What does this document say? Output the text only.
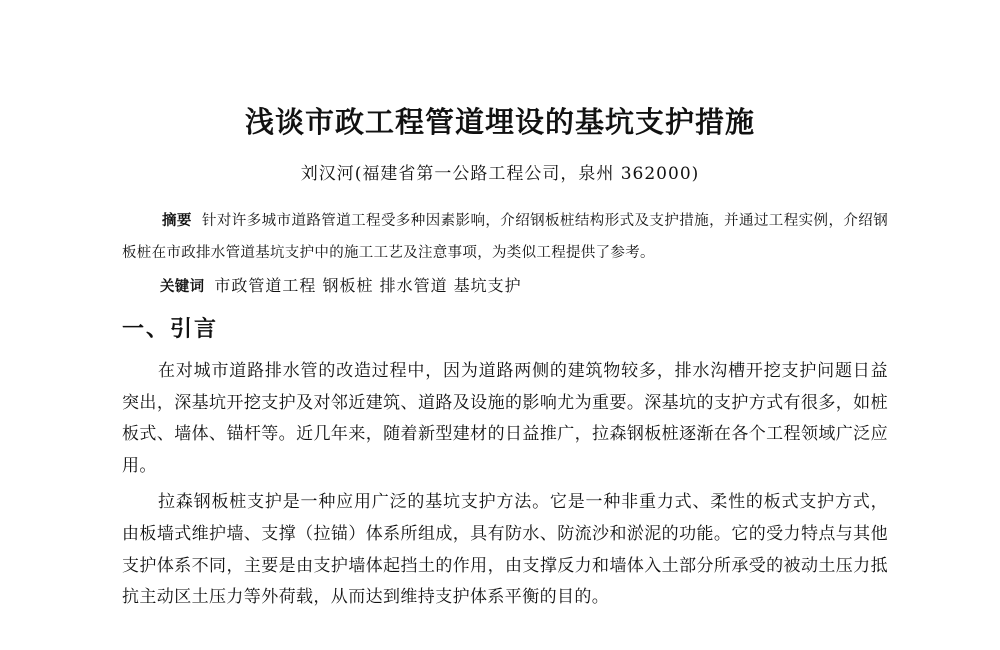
浅谈市政工程管道埋设的基坑支护措施
刘汉河(福建省第一公路工程公司，泉州 362000)
摘要 针对许多城市道路管道工程受多种因素影响，介绍钢板桩结构形式及支护措施，并通过工程实例，介绍钢板桩在市政排水管道基坑支护中的施工工艺及注意事项，为类似工程提供了参考。
关键词 市政管道工程 钢板桩 排水管道 基坑支护
一、引言

在对城市道路排水管的改造过程中，因为道路两侧的建筑物较多，排水沟槽开挖支护问题日益突出，深基坑开挖支护及对邻近建筑、道路及设施的影响尤为重要。深基坑的支护方式有很多，如桩板式、墙体、锚杆等。近几年来，随着新型建材的日益推广，拉森钢板桩逐渐在各个工程领域广泛应用。

拉森钢板桩支护是一种应用广泛的基坑支护方法。它是一种非重力式、柔性的板式支护方式，由板墙式维护墙、支撑（拉锚）体系所组成，具有防水、防流沙和淤泥的功能。它的受力特点与其他支护体系不同，主要是由支护墙体起挡土的作用，由支撑反力和墙体入土部分所承受的被动土压力抵抗主动区土压力等外荷载，从而达到维持支护体系平衡的目的。
